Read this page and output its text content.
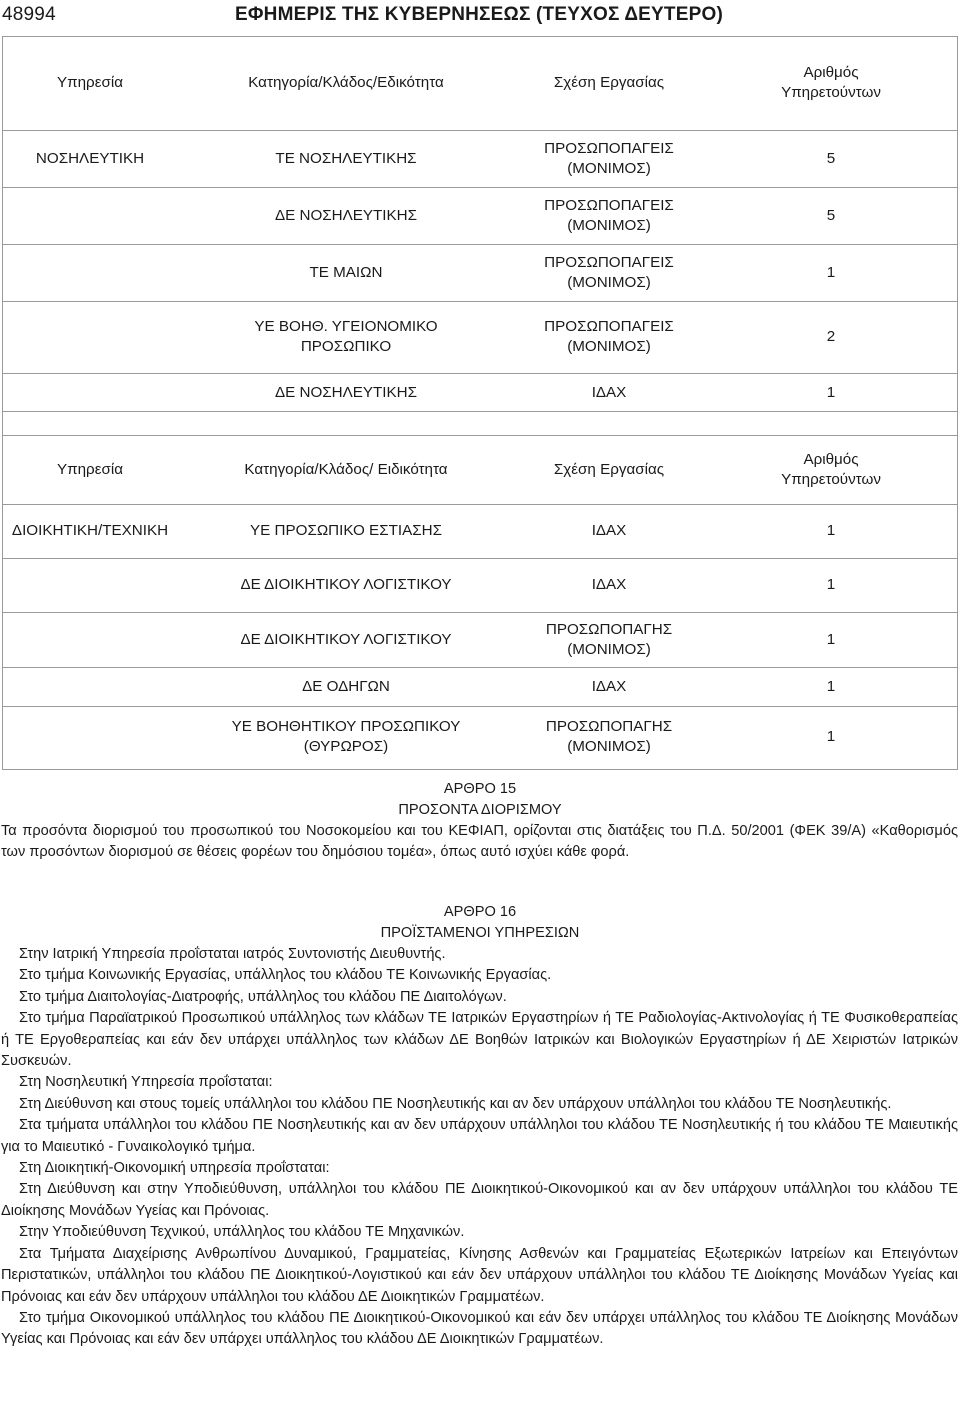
48994	ΕΦΗΜΕΡΙΣ ΤΗΣ ΚΥΒΕΡΝΗΣΕΩΣ (ΤΕΥΧΟΣ ΔΕΥΤΕΡΟ)
Υπηρεσία	Κατηγορία/Κλάδος/Εδικότητα	Σχέση Εργασίας	Αριθμός Υπηρετούντων
ΝΟΣΗΛΕΥΤΙΚΗ	ΤΕ ΝΟΣΗΛΕΥΤΙΚΗΣ	ΠΡΟΣΩΠΟΠΑΓΕΙΣ (ΜΟΝΙΜΟΣ)	5
	ΔΕ ΝΟΣΗΛΕΥΤΙΚΗΣ	ΠΡΟΣΩΠΟΠΑΓΕΙΣ (ΜΟΝΙΜΟΣ)	5
	ΤΕ ΜΑΙΩΝ	ΠΡΟΣΩΠΟΠΑΓΕΙΣ (ΜΟΝΙΜΟΣ)	1
	ΥΕ ΒΟΗΘ. ΥΓΕΙΟΝΟΜΙΚΟ ΠΡΟΣΩΠΙΚΟ	ΠΡΟΣΩΠΟΠΑΓΕΙΣ (ΜΟΝΙΜΟΣ)	2
	ΔΕ ΝΟΣΗΛΕΥΤΙΚΗΣ	ΙΔΑΧ	1
Υπηρεσία	Κατηγορία/Κλάδος/ Ειδικότητα	Σχέση Εργασίας	Αριθμός Υπηρετούντων
ΔΙΟΙΚΗΤΙΚΗ/ΤΕΧΝΙΚΗ	ΥΕ ΠΡΟΣΩΠΙΚΟ ΕΣΤΙΑΣΗΣ	ΙΔΑΧ	1
	ΔΕ ΔΙΟΙΚΗΤΙΚΟΥ ΛΟΓΙΣΤΙΚΟΥ	ΙΔΑΧ	1
	ΔΕ ΔΙΟΙΚΗΤΙΚΟΥ ΛΟΓΙΣΤΙΚΟΥ	ΠΡΟΣΩΠΟΠΑΓΗΣ (ΜΟΝΙΜΟΣ)	1
	ΔΕ ΟΔΗΓΩΝ	ΙΔΑΧ	1
	ΥΕ ΒΟΗΘΗΤΙΚΟΥ ΠΡΟΣΩΠΙΚΟΥ (ΘΥΡΩΡΟΣ)	ΠΡΟΣΩΠΟΠΑΓΗΣ (ΜΟΝΙΜΟΣ)	1
ΑΡΘΡΟ 15
ΠΡΟΣΟΝΤΑ ΔΙΟΡΙΣΜΟΥ

Τα προσόντα διορισμού του προσωπικού του Νοσοκομείου και του ΚΕΦΙΑΠ, ορίζονται στις διατάξεις του Π.Δ. 50/2001 (ΦΕΚ 39/Α) «Καθορισμός των προσόντων διορισμού σε θέσεις φορέων του δημόσιου τομέα», όπως αυτό ισχύει κάθε φορά.

ΑΡΘΡΟ 16
ΠΡΟΪΣΤΑΜΕΝΟΙ ΥΠΗΡΕΣΙΩΝ

Στην Ιατρική Υπηρεσία προΐσταται ιατρός Συντονιστής Διευθυντής.

Στο τμήμα Κοινωνικής Εργασίας, υπάλληλος του κλάδου ΤΕ Κοινωνικής Εργασίας.

Στο τμήμα Διαιτολογίας-Διατροφής, υπάλληλος του κλάδου ΠΕ Διαιτολόγων.

Στο τμήμα Παραϊατρικού Προσωπικού υπάλληλος των κλάδων ΤΕ Ιατρικών Εργαστηρίων ή ΤΕ Ραδιολογίας-Ακτινολογίας ή ΤΕ Φυσικοθεραπείας ή ΤΕ Εργοθεραπείας και εάν δεν υπάρχει υπάλληλος των κλάδων ΔΕ Βοηθών Ιατρικών και Βιολογικών Εργαστηρίων ή ΔΕ Χειριστών Ιατρικών Συσκευών.

Στη Νοσηλευτική Υπηρεσία προΐσταται:

Στη Διεύθυνση και στους τομείς υπάλληλοι του κλάδου ΠΕ Νοσηλευτικής και αν δεν υπάρχουν υπάλληλοι του κλάδου ΤΕ Νοσηλευτικής.

Στα τμήματα υπάλληλοι του κλάδου ΠΕ Νοσηλευτικής και αν δεν υπάρχουν υπάλληλοι του κλάδου ΤΕ Νοσηλευτικής ή του κλάδου ΤΕ Μαιευτικής για το Μαιευτικό - Γυναικολογικό τμήμα.

Στη Διοικητική-Οικονομική υπηρεσία προΐσταται:

Στη Διεύθυνση και στην Υποδιεύθυνση, υπάλληλοι του κλάδου ΠΕ Διοικητικού-Οικονομικού και αν δεν υπάρχουν υπάλληλοι του κλάδου ΤΕ Διοίκησης Μονάδων Υγείας και Πρόνοιας.

Στην Υποδιεύθυνση Τεχνικού, υπάλληλος του κλάδου ΤΕ Μηχανικών.

Στα Τμήματα Διαχείρισης Ανθρωπίνου Δυναμικού, Γραμματείας, Κίνησης Ασθενών και Γραμματείας Εξωτερικών Ιατρείων και Επειγόντων Περιστατικών, υπάλληλοι του κλάδου ΠΕ Διοικητικού-Λογιστικού και εάν δεν υπάρχουν υπάλληλοι του κλάδου ΤΕ Διοίκησης Μονάδων Υγείας και Πρόνοιας και εάν δεν υπάρχουν υπάλληλοι του κλάδου ΔΕ Διοικητικών Γραμματέων.

Στο τμήμα Οικονομικού υπάλληλος του κλάδου ΠΕ Διοικητικού-Οικονομικού και εάν δεν υπάρχει υπάλληλος του κλάδου ΤΕ Διοίκησης Μονάδων Υγείας και Πρόνοιας και εάν δεν υπάρχει υπάλληλος του κλάδου ΔΕ Διοικητικών Γραμματέων.
